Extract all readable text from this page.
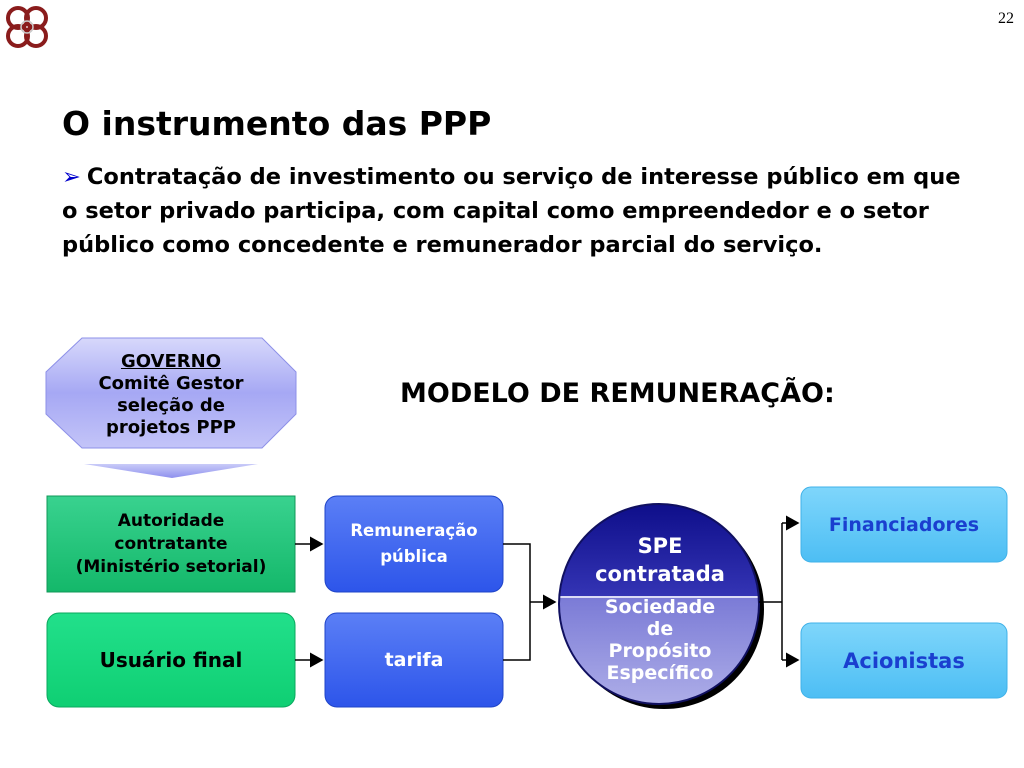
22
O instrumento das PPP
➢ Contratação de investimento ou serviço de interesse público em que o setor privado participa, com capital como empreendedor e o setor público como concedente e remunerador parcial do serviço.
MODELO DE REMUNERAÇÃO:
GOVERNO
Comitê Gestor
seleção de
projetos PPP
Autoridade
contratante
(Ministério setorial)
Usuário final
Remuneração
pública
tarifa
Financiadores
Acionistas
SPE
contratada
Sociedade
de
Propósito
Específico
